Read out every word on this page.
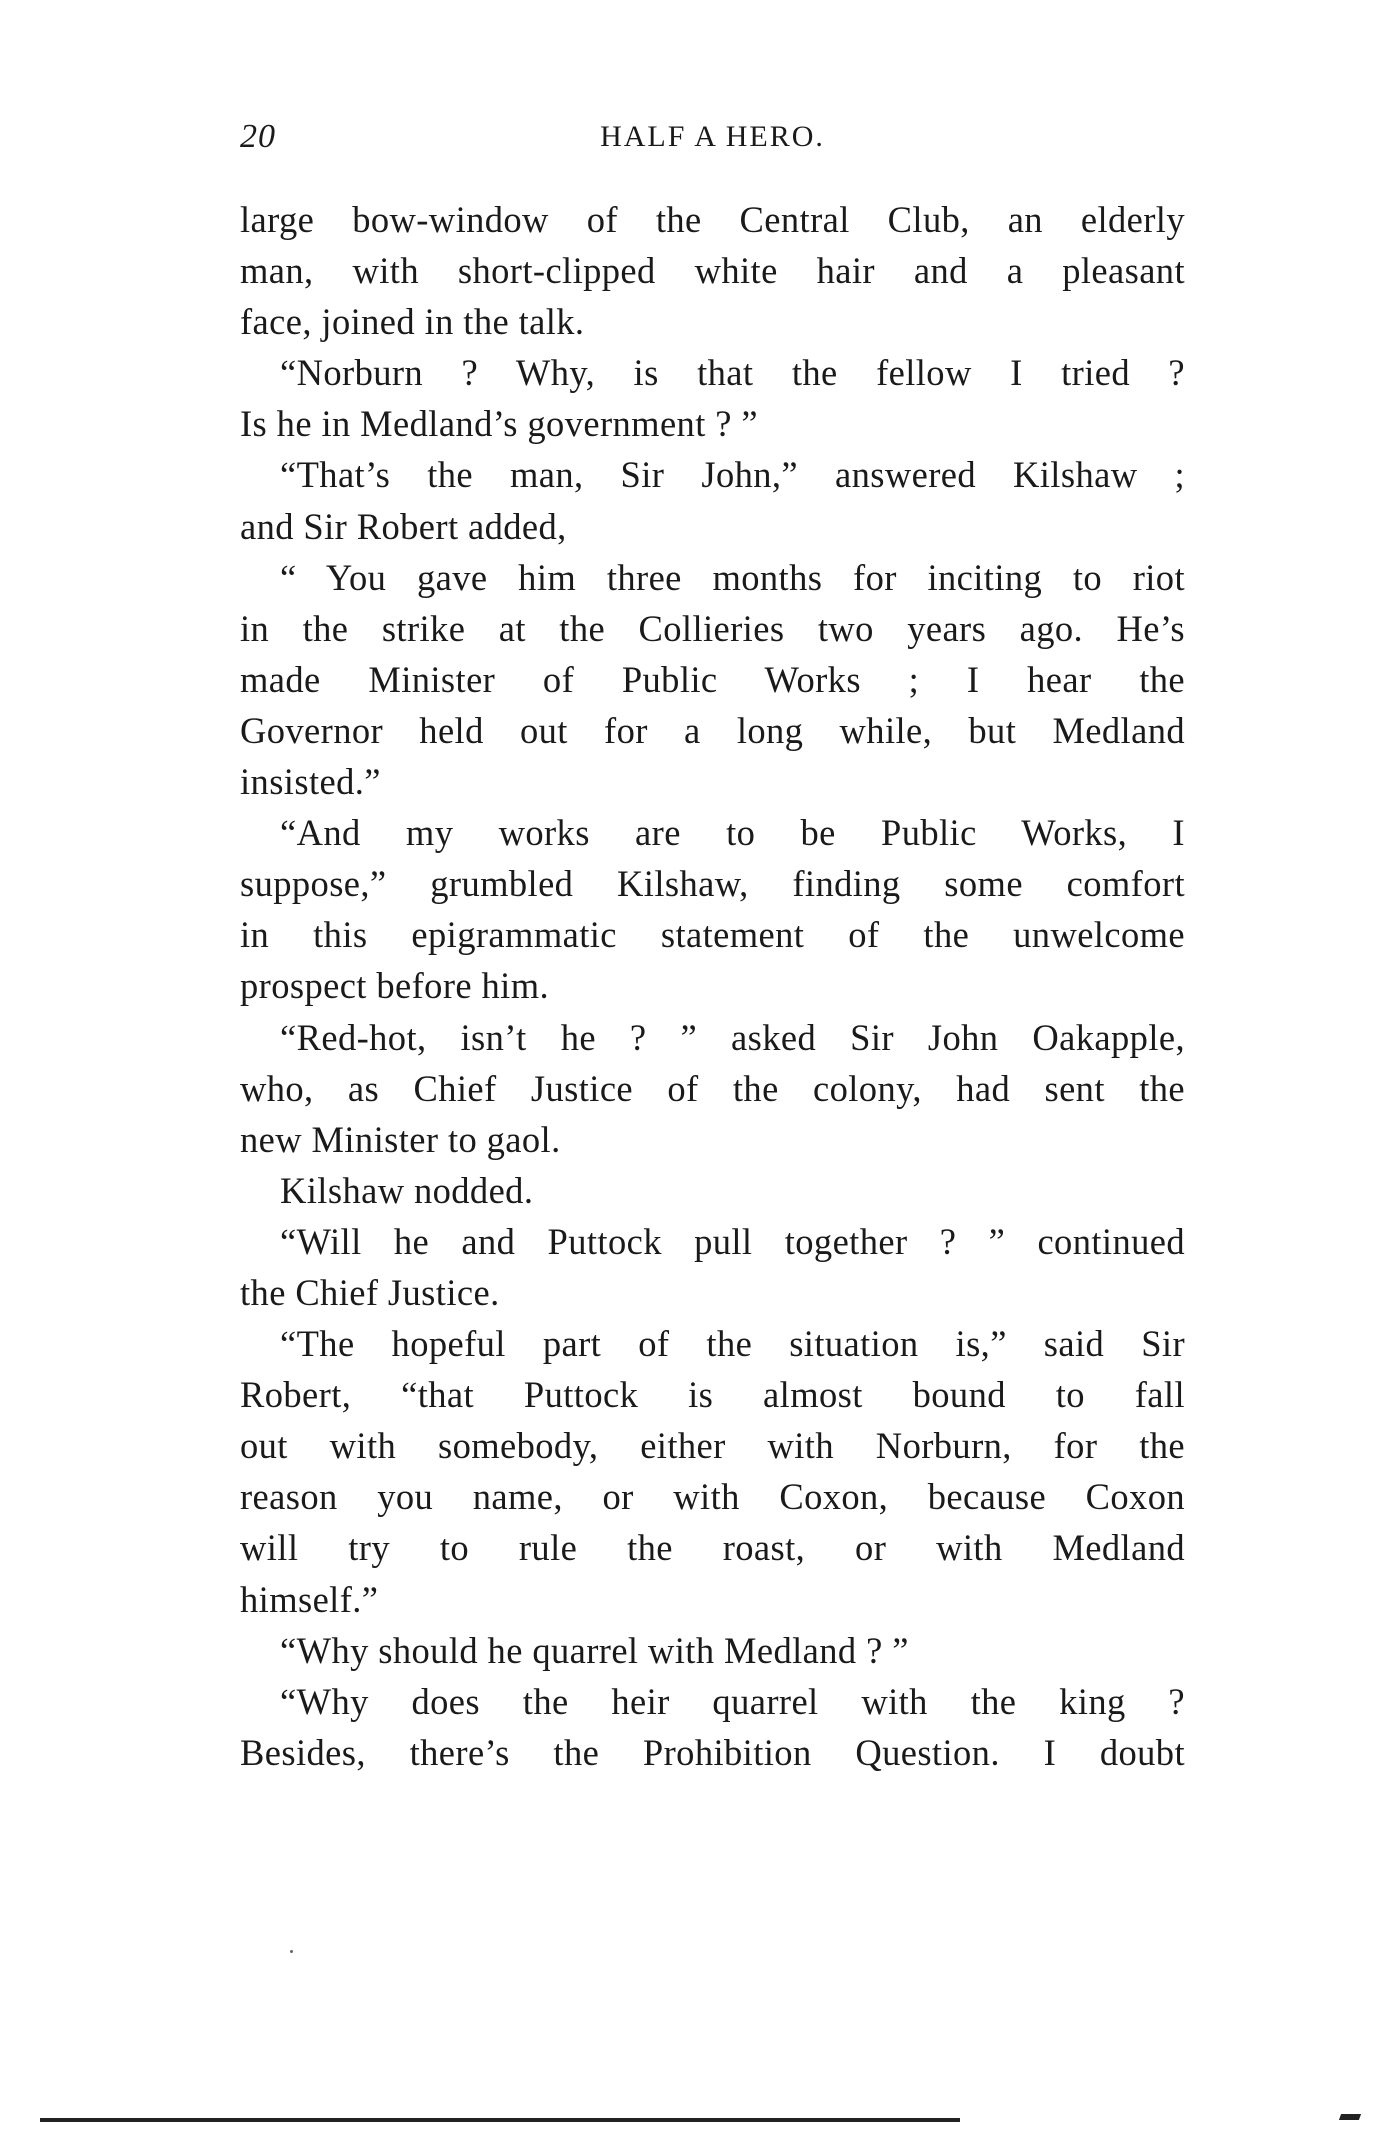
20	HALF A HERO.
large bow-window of the Central Club, an elderly
man, with short-clipped white hair and a pleasant
face, joined in the talk.
“Norburn ? Why, is that the fellow I tried ?
Is he in Medland’s government ? ”
“That’s the man, Sir John,” answered Kilshaw ;
and Sir Robert added,
“ You gave him three months for inciting to riot
in the strike at the Collieries two years ago. He’s
made Minister of Public Works ; I hear the
Governor held out for a long while, but Medland
insisted.”
“And my works are to be Public Works, I
suppose,” grumbled Kilshaw, finding some comfort
in this epigrammatic statement of the unwelcome
prospect before him.
“Red-hot, isn’t he ? ” asked Sir John Oakapple,
who, as Chief Justice of the colony, had sent the
new Minister to gaol.
Kilshaw nodded.
“Will he and Puttock pull together ? ” continued
the Chief Justice.
“The hopeful part of the situation is,” said Sir
Robert, “that Puttock is almost bound to fall
out with somebody, either with Norburn, for the
reason you name, or with Coxon, because Coxon
will try to rule the roast, or with Medland
himself.”
“Why should he quarrel with Medland ? ”
“Why does the heir quarrel with the king ?
Besides, there’s the Prohibition Question. I doubt
